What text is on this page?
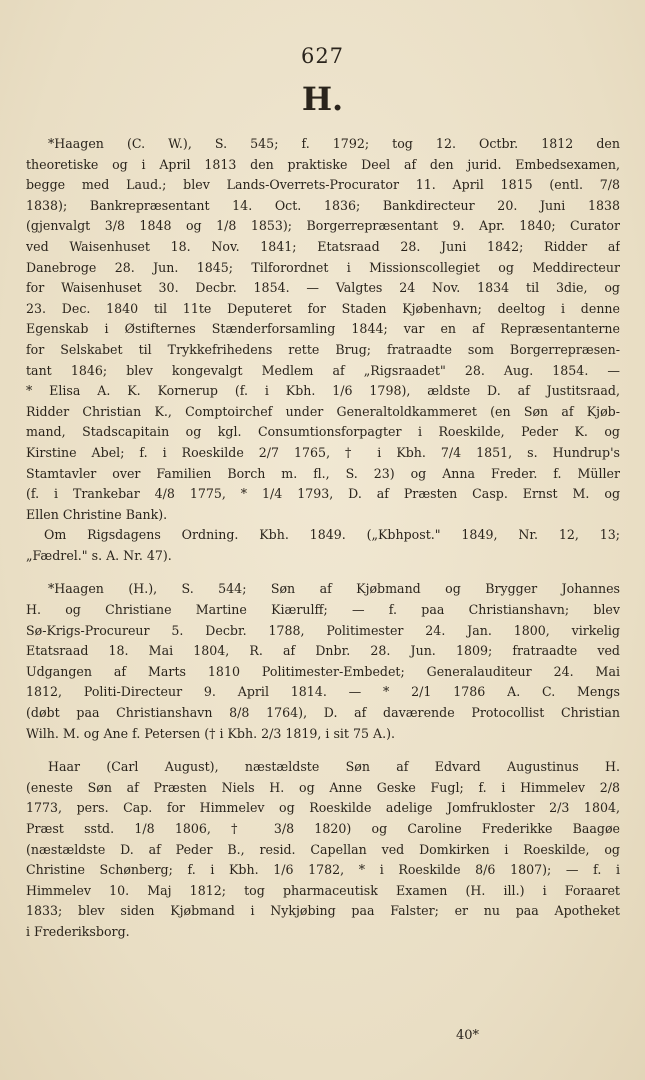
627
H.

*Haagen (C. W.), S. 545; f. 1792; tog 12. Octbr. 1812 den

theoretiske og i April 1813 den praktiske Deel af den jurid. Embedsexamen,

begge med Laud.; blev Lands-Overrets-Procurator 11. April 1815 (entl. 7/8

1838); Bankrepræsentant 14. Oct. 1836; Bankdirecteur 20. Juni 1838

(gjenvalgt 3/8 1848 og 1/8 1853); Borgerrepræsentant 9. Apr. 1840; Curator

ved Waisenhuset 18. Nov. 1841; Etatsraad 28. Juni 1842; Ridder af

Danebroge 28. Jun. 1845; Tilforordnet i Missionscollegiet og Meddirecteur

for Waisenhuset 30. Decbr. 1854. — Valgtes 24 Nov. 1834 til 3die, og

23. Dec. 1840 til 11te Deputeret for Staden Kjøbenhavn; deeltog i denne

Egenskab i Østifternes Stænderforsamling 1844; var en af Repræsentanterne

for Selskabet til Trykkefrihedens rette Brug; fratraadte som Borgerrepræsen-

tant 1846; blev kongevalgt Medlem af „Rigsraadet" 28. Aug. 1854. —

* Elisa A. K. Kornerup (f. i Kbh. 1/6 1798), ældste D. af Justitsraad,

Ridder Christian K., Comptoirchef under Generaltoldkammeret (en Søn af Kjøb-

mand, Stadscapitain og kgl. Consumtionsforpagter i Roeskilde, Peder K. og

Kirstine Abel; f. i Roeskilde 2/7 1765, † i Kbh. 7/4 1851, s. Hundrup's

Stamtavler over Familien Borch m. fl., S. 23) og Anna Freder. f. Müller

(f. i Trankebar 4/8 1775, * 1/4 1793, D. af Præsten Casp. Ernst M. og

Ellen Christine Bank).

Om Rigsdagens Ordning. Kbh. 1849. („Kbhpost." 1849, Nr. 12, 13;

„Fædrel." s. A. Nr. 47).

*Haagen (H.), S. 544; Søn af Kjøbmand og Brygger Johannes

H. og Christiane Martine Kiærulff; — f. paa Christianshavn; blev

Sø-Krigs-Procureur 5. Decbr. 1788, Politimester 24. Jan. 1800, virkelig

Etatsraad 18. Mai 1804, R. af Dnbr. 28. Jun. 1809; fratraadte ved

Udgangen af Marts 1810 Politimester-Embedet; Generalauditeur 24. Mai

1812, Politi-Directeur 9. April 1814. — * 2/1 1786 A. C. Mengs

(døbt paa Christianshavn 8/8 1764), D. af daværende Protocollist Christian

Wilh. M. og Ane f. Petersen († i Kbh. 2/3 1819, i sit 75 A.).

Haar (Carl August), næstældste Søn af Edvard Augustinus H.

(eneste Søn af Præsten Niels H. og Anne Geske Fugl; f. i Himmelev 2/8

1773, pers. Cap. for Himmelev og Roeskilde adelige Jomfrukloster 2/3 1804,

Præst sstd. 1/8 1806, † 3/8 1820) og Caroline Frederikke Baagøe

(næstældste D. af Peder B., resid. Capellan ved Domkirken i Roeskilde, og

Christine Schønberg; f. i Kbh. 1/6 1782, * i Roeskilde 8/6 1807); — f. i

Himmelev 10. Maj 1812; tog pharmaceutisk Examen (H. ill.) i Foraaret

1833; blev siden Kjøbmand i Nykjøbing paa Falster; er nu paa Apotheket

i Frederiksborg.

40*
